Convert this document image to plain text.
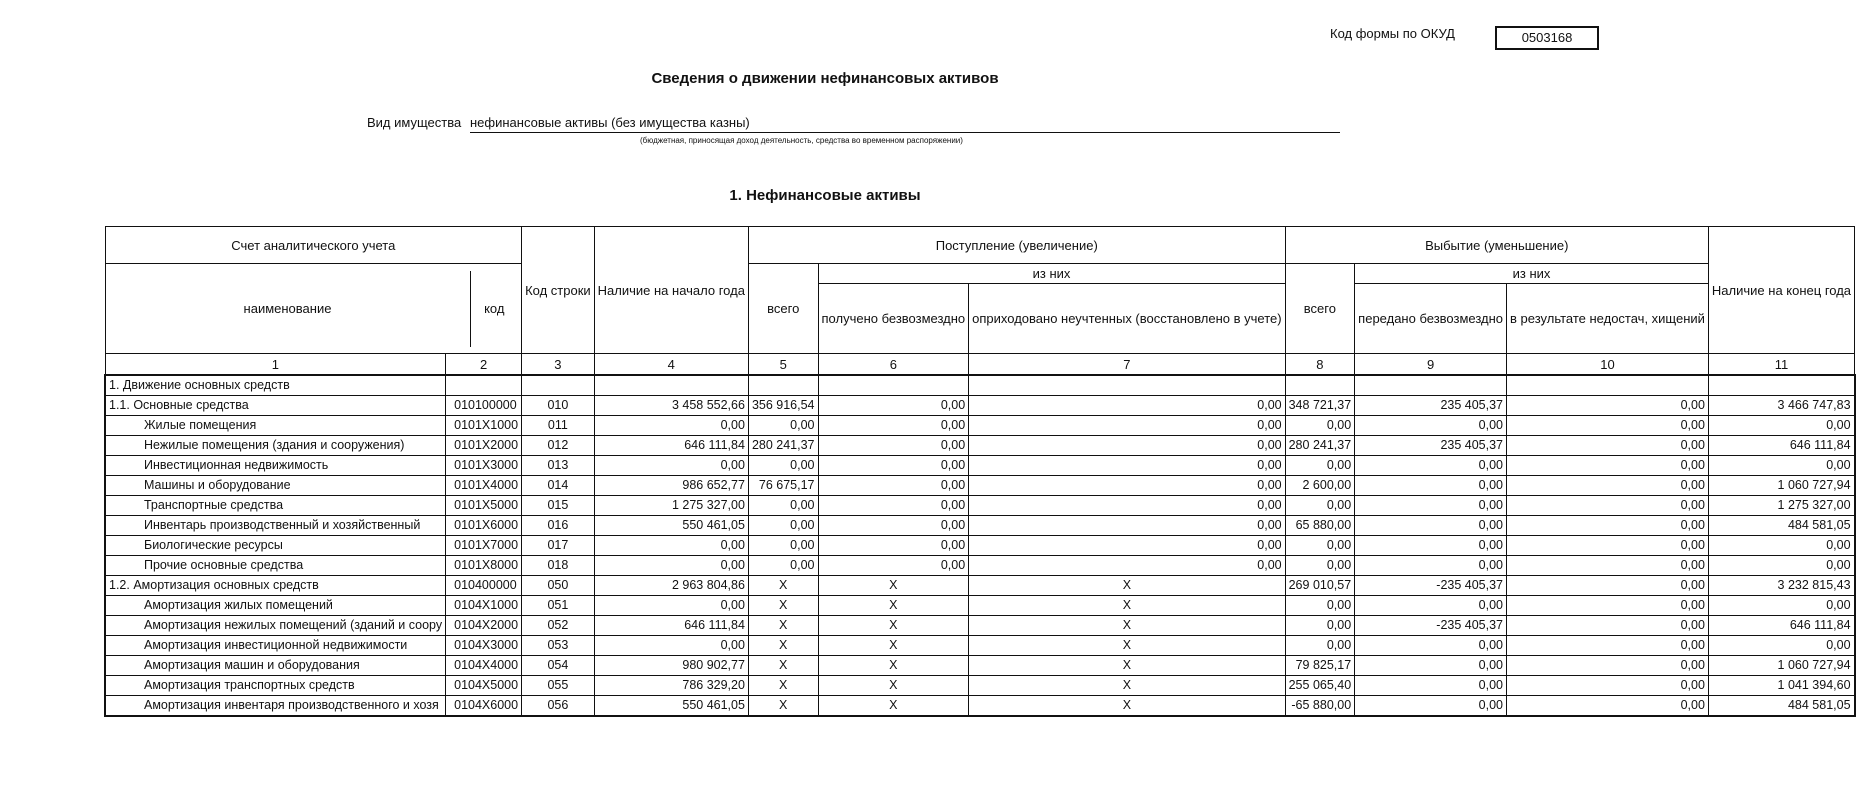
Код формы по ОКУД	0503168
Сведения о движении нефинансовых активов
Вид имущества нефинансовые активы (без имущества казны)
(бюджетная, приносящая доход деятельность, средства во временном распоряжении)
1. Нефинансовые активы
Счет аналитического учета		Код строки	Наличие на начало года	Поступление (увеличение)			Выбытие (уменьшение)			Наличие на конец года

наименование код				всего	из них		всего	из них		
					получено безвозмездно	оприходовано неучтенных (восстановлено в учете)		передано безвозмездно	в результате недостач, хищений	
1	2	3	4	5	6	7	8	9	10	11
1. Движение основных средств										
1.1. Основные средства	010100000	010	3 458 552,66	356 916,54	0,00	0,00	348 721,37	235 405,37	0,00	3 466 747,83
Жилые помещения	0101X1000	011	0,00	0,00	0,00	0,00	0,00	0,00	0,00	0,00
Нежилые помещения (здания и сооружения)	0101X2000	012	646 111,84	280 241,37	0,00	0,00	280 241,37	235 405,37	0,00	646 111,84
Инвестиционная недвижимость	0101X3000	013	0,00	0,00	0,00	0,00	0,00	0,00	0,00	0,00
Машины и оборудование	0101X4000	014	986 652,77	76 675,17	0,00	0,00	2 600,00	0,00	0,00	1 060 727,94
Транспортные средства	0101X5000	015	1 275 327,00	0,00	0,00	0,00	0,00	0,00	0,00	1 275 327,00
Инвентарь производственный и хозяйственный	0101X6000	016	550 461,05	0,00	0,00	0,00	65 880,00	0,00	0,00	484 581,05
Биологические ресурсы	0101X7000	017	0,00	0,00	0,00	0,00	0,00	0,00	0,00	0,00
Прочие основные средства	0101X8000	018	0,00	0,00	0,00	0,00	0,00	0,00	0,00	0,00
1.2. Амортизация основных средств	010400000	050	2 963 804,86	X	X	X	269 010,57	-235 405,37	0,00	3 232 815,43
Амортизация жилых помещений	0104X1000	051	0,00	X	X	X	0,00	0,00	0,00	0,00
Амортизация нежилых помещений (зданий и соору	0104X2000	052	646 111,84	X	X	X	0,00	-235 405,37	0,00	646 111,84
Амортизация инвестиционной недвижимости	0104X3000	053	0,00	X	X	X	0,00	0,00	0,00	0,00
Амортизация машин и оборудования	0104X4000	054	980 902,77	X	X	X	79 825,17	0,00	0,00	1 060 727,94
Амортизация транспортных средств	0104X5000	055	786 329,20	X	X	X	255 065,40	0,00	0,00	1 041 394,60
Амортизация инвентаря производственного и хозя	0104X6000	056	550 461,05	X	X	X	-65 880,00	0,00	0,00	484 581,05
